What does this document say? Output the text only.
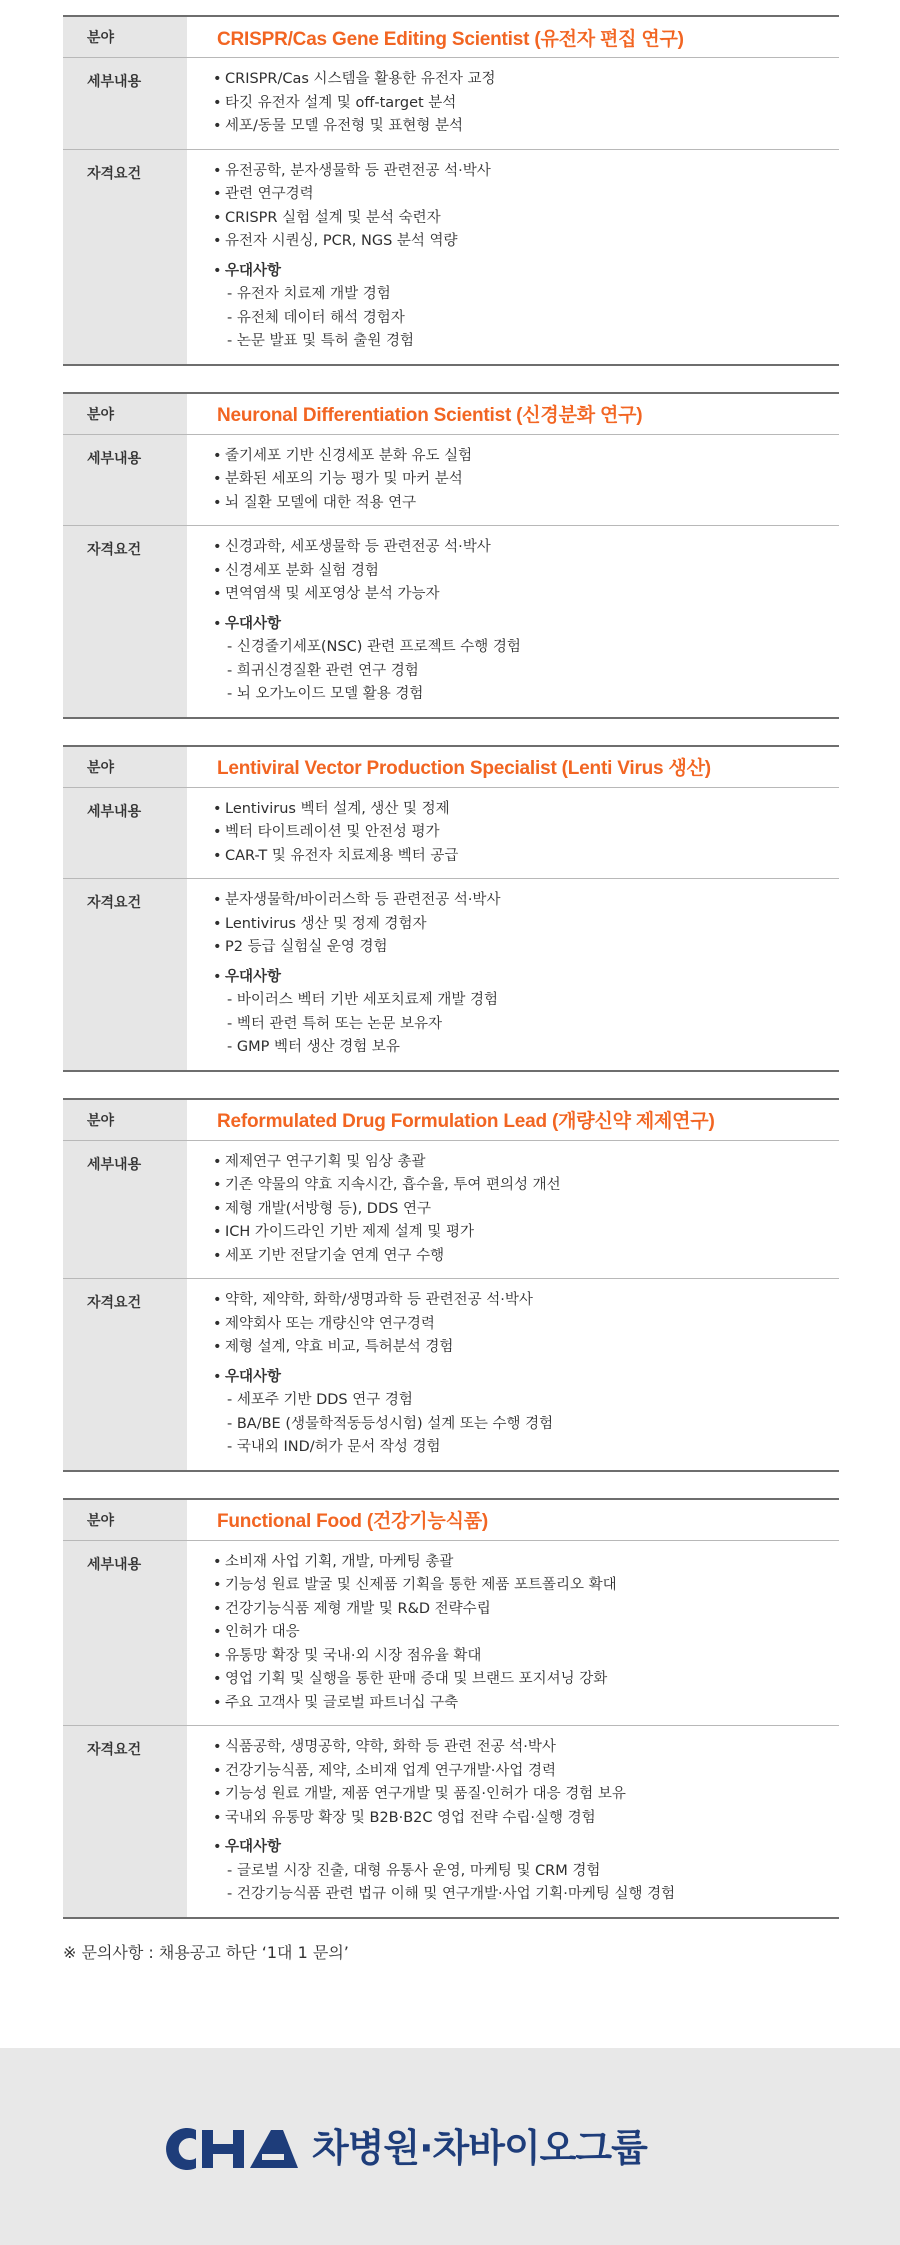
분야	CRISPR/Cas Gene Editing Scientist (유전자 편집 연구)
세부내용	• CRISPR/Cas 시스템을 활용한 유전자 교정
• 타깃 유전자 설계 및 off-target 분석
• 세포/동물 모델 유전형 및 표현형 분석
자격요건	• 유전공학, 분자생물학 등 관련전공 석·박사
• 관련 연구경력
• CRISPR 실험 설계 및 분석 숙련자
• 유전자 시퀀싱, PCR, NGS 분석 역량
• 우대사항
- 유전자 치료제 개발 경험
- 유전체 데이터 해석 경험자
- 논문 발표 및 특허 출원 경험
분야	Neuronal Differentiation Scientist (신경분화 연구)
세부내용	• 줄기세포 기반 신경세포 분화 유도 실험
• 분화된 세포의 기능 평가 및 마커 분석
• 뇌 질환 모델에 대한 적용 연구
자격요건	• 신경과학, 세포생물학 등 관련전공 석·박사
• 신경세포 분화 실험 경험
• 면역염색 및 세포영상 분석 가능자
• 우대사항
- 신경줄기세포(NSC) 관련 프로젝트 수행 경험
- 희귀신경질환 관련 연구 경험
- 뇌 오가노이드 모델 활용 경험
분야	Lentiviral Vector Production Specialist (Lenti Virus 생산)
세부내용	• Lentivirus 벡터 설계, 생산 및 정제
• 벡터 타이트레이션 및 안전성 평가
• CAR-T 및 유전자 치료제용 벡터 공급
자격요건	• 분자생물학/바이러스학 등 관련전공 석·박사
• Lentivirus 생산 및 정제 경험자
• P2 등급 실험실 운영 경험
• 우대사항
- 바이러스 벡터 기반 세포치료제 개발 경험
- 벡터 관련 특허 또는 논문 보유자
- GMP 벡터 생산 경험 보유
분야	Reformulated Drug Formulation Lead (개량신약 제제연구)
세부내용	• 제제연구 연구기획 및 임상 총괄
• 기존 약물의 약효 지속시간, 흡수율, 투여 편의성 개선
• 제형 개발(서방형 등), DDS 연구
• ICH 가이드라인 기반 제제 설계 및 평가
• 세포 기반 전달기술 연계 연구 수행
자격요건	• 약학, 제약학, 화학/생명과학 등 관련전공 석·박사
• 제약회사 또는 개량신약 연구경력
• 제형 설계, 약효 비교, 특허분석 경험
• 우대사항
- 세포주 기반 DDS 연구 경험
- BA/BE (생물학적동등성시험) 설계 또는 수행 경험
- 국내외 IND/허가 문서 작성 경험
분야	Functional Food (건강기능식품)
세부내용	• 소비재 사업 기획, 개발, 마케팅 총괄
• 기능성 원료 발굴 및 신제품 기획을 통한 제품 포트폴리오 확대
• 건강기능식품 제형 개발 및 R&D 전략수립
• 인허가 대응
• 유통망 확장 및 국내·외 시장 점유율 확대
• 영업 기획 및 실행을 통한 판매 증대 및 브랜드 포지셔닝 강화
• 주요 고객사 및 글로벌 파트너십 구축
자격요건	• 식품공학, 생명공학, 약학, 화학 등 관련 전공 석·박사
• 건강기능식품, 제약, 소비재 업계 연구개발·사업 경력
• 기능성 원료 개발, 제품 연구개발 및 품질·인허가 대응 경험 보유
• 국내외 유통망 확장 및 B2B·B2C 영업 전략 수립·실행 경험
• 우대사항
- 글로벌 시장 진출, 대형 유통사 운영, 마케팅 및 CRM 경험
- 건강기능식품 관련 법규 이해 및 연구개발·사업 기획·마케팅 실행 경험
※ 문의사항 : 채용공고 하단 ‘1대 1 문의’
차병원·차바이오그룹
